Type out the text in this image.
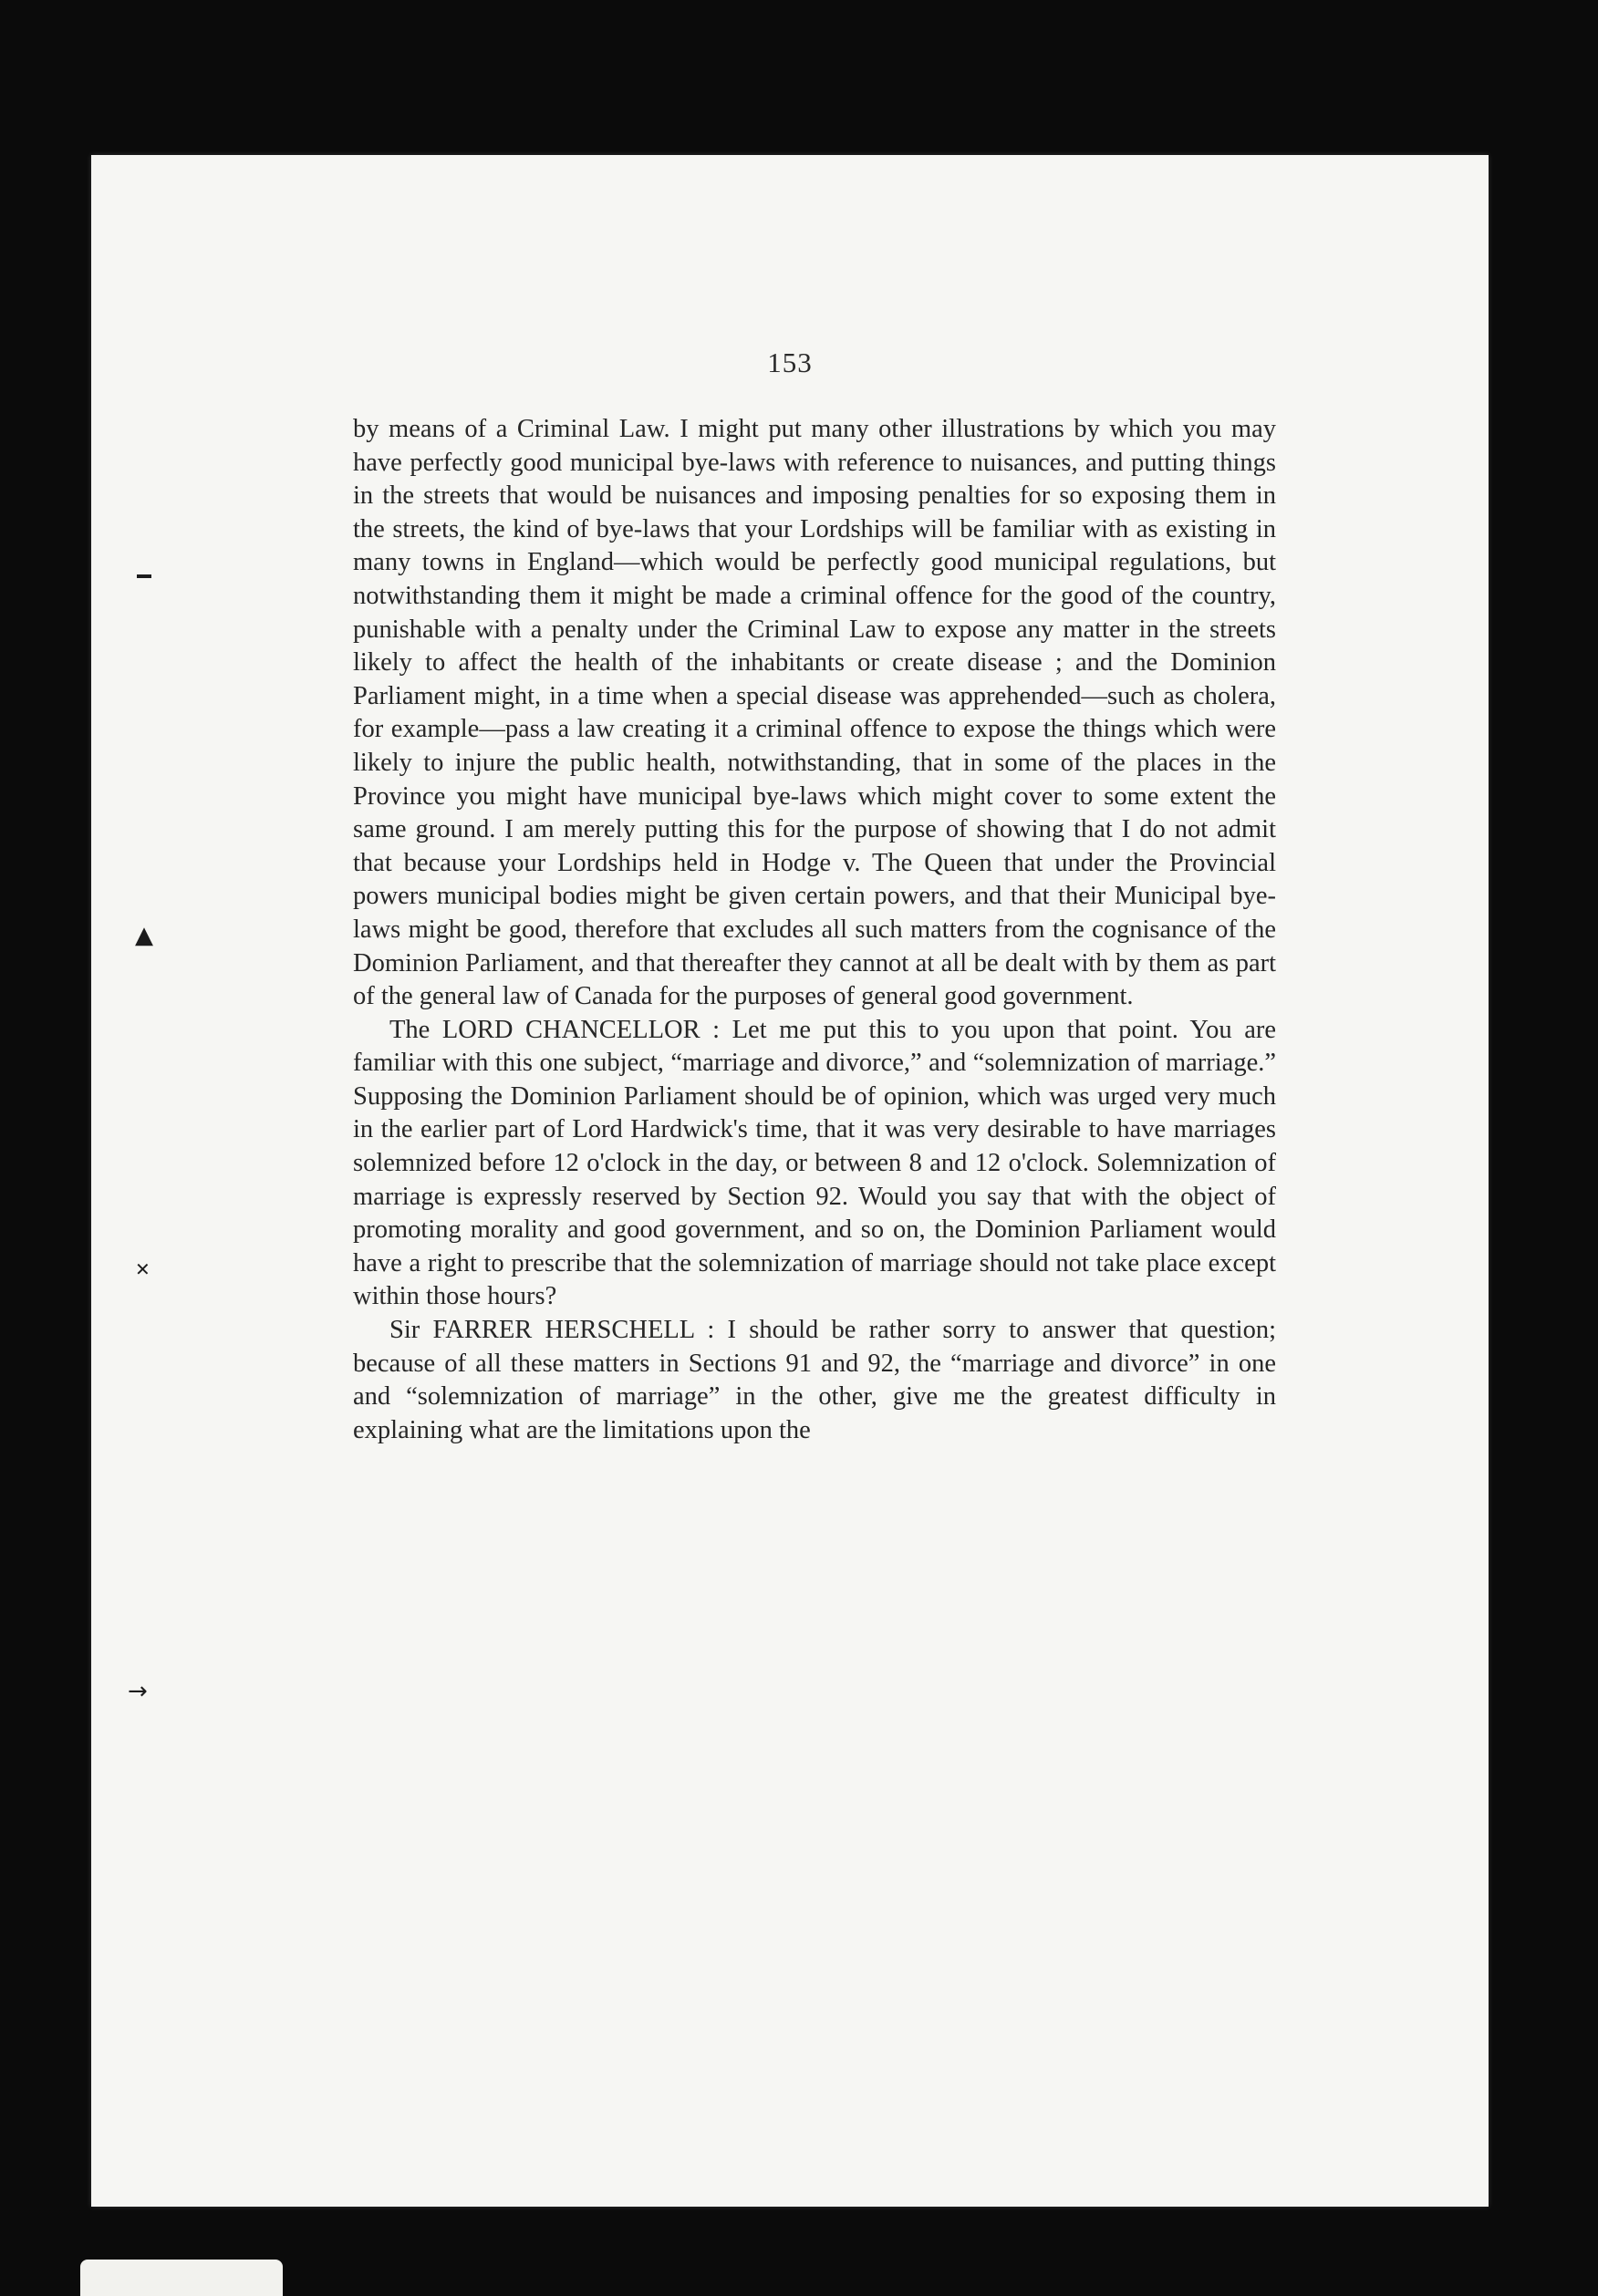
153

by means of a Criminal Law. I might put many other illustrations by which you may have perfectly good municipal bye-laws with reference to nuisances, and putting things in the streets that would be nuisances and imposing penalties for so exposing them in the streets, the kind of bye-laws that your Lordships will be familiar with as existing in many towns in England—which would be perfectly good municipal regulations, but notwithstanding them it might be made a criminal offence for the good of the country, punishable with a penalty under the Criminal Law to expose any matter in the streets likely to affect the health of the inhabitants or create disease ; and the Dominion Parliament might, in a time when a special disease was apprehended—such as cholera, for example—pass a law creating it a criminal offence to expose the things which were likely to injure the public health, notwithstanding, that in some of the places in the Province you might have municipal bye-laws which might cover to some extent the same ground. I am merely putting this for the purpose of showing that I do not admit that because your Lordships held in Hodge v. The Queen that under the Provincial powers municipal bodies might be given certain powers, and that their Municipal bye-laws might be good, therefore that excludes all such matters from the cognisance of the Dominion Parliament, and that thereafter they cannot at all be dealt with by them as part of the general law of Canada for the purposes of general good government.

The LORD CHANCELLOR : Let me put this to you upon that point. You are familiar with this one subject, “marriage and divorce,” and “solemnization of marriage.” Supposing the Dominion Parliament should be of opinion, which was urged very much in the earlier part of Lord Hardwick's time, that it was very desirable to have marriages solemnized before 12 o'clock in the day, or between 8 and 12 o'clock. Solemnization of marriage is expressly reserved by Section 92. Would you say that with the object of promoting morality and good government, and so on, the Dominion Parliament would have a right to prescribe that the solemnization of marriage should not take place except within those hours?

Sir FARRER HERSCHELL : I should be rather sorry to answer that question; because of all these matters in Sections 91 and 92, the “marriage and divorce” in one and “solemnization of marriage” in the other, give me the greatest difficulty in explaining what are the limitations upon the

▲
✕
→
